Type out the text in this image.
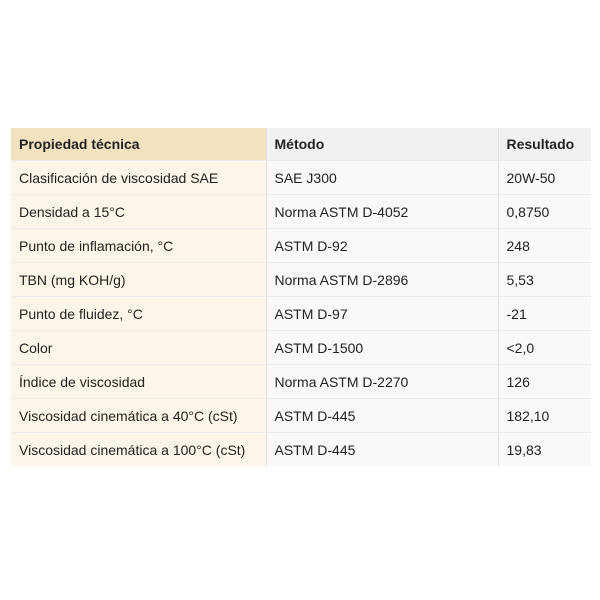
Propiedad técnica	Método	Resultado
Clasificación de viscosidad SAE	SAE J300	20W-50
Densidad a 15°C	Norma ASTM D-4052	0,8750
Punto de inflamación, °C	ASTM D-92	248
TBN (mg KOH/g)	Norma ASTM D-2896	5,53
Punto de fluidez, °C	ASTM D-97	-21
Color	ASTM D-1500	<2,0
Índice de viscosidad	Norma ASTM D-2270	126
Viscosidad cinemática a 40°C (cSt)	ASTM D-445	182,10
Viscosidad cinemática a 100°C (cSt)	ASTM D-445	19,83
